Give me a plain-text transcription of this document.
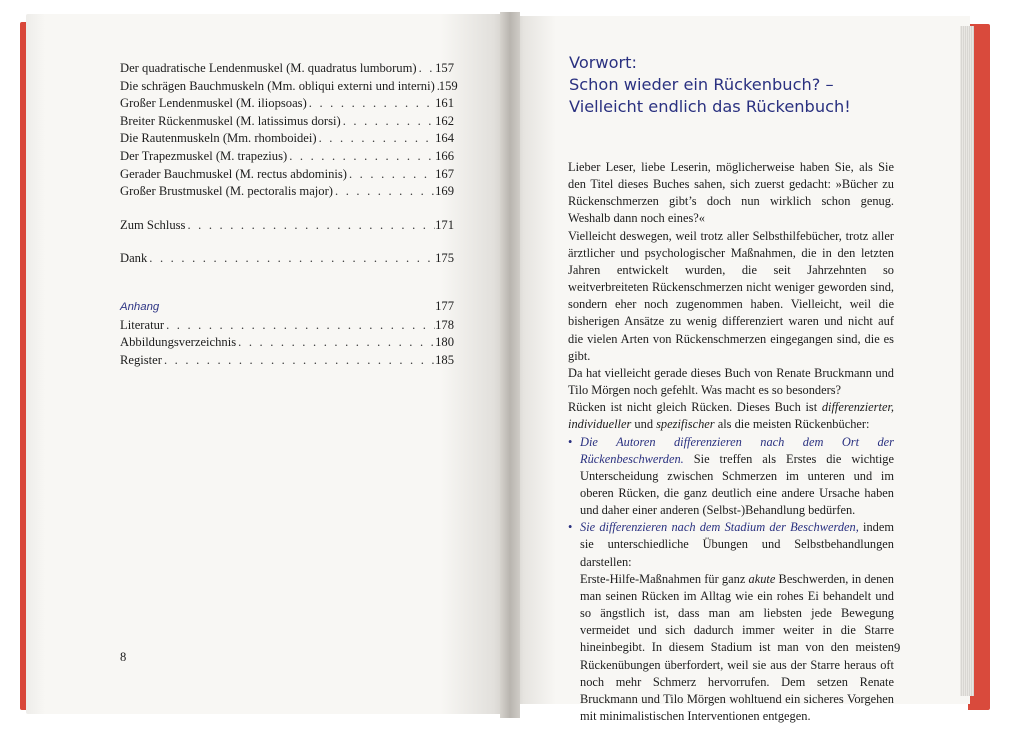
Der quadratische Lendenmuskel (M. quadratus lumborum) . . . 157
Die schrägen Bauchmuskeln (Mm. obliqui externi und interni) . . . 159
Großer Lendenmuskel (M. iliopsoas) . . .	161
Breiter Rückenmuskel (M. latissimus dorsi) . . .	162
Die Rautenmuskeln (Mm. rhomboidei) . . .	164
Der Trapezmuskel (M. trapezius) . . .	166
Gerader Bauchmuskel (M. rectus abdominis) . . .	167
Großer Brustmuskel (M. pectoralis major) . . .	169
Zum Schluss . . .	171
Dank . . .	175
Anhang	177
Literatur . . .	178
Abbildungsverzeichnis . . .	180
Register . . .	185
8
Vorwort:
Schon wieder ein Rückenbuch? –
Vielleicht endlich das Rückenbuch!

Lieber Leser, liebe Leserin, möglicherweise haben Sie, als Sie den Titel dieses Buches sahen, sich zuerst gedacht: »Bücher zu Rückenschmerzen gibt’s doch nun wirklich schon genug. Weshalb dann noch eines?«

Vielleicht deswegen, weil trotz aller Selbsthilfebücher, trotz aller ärztlicher und psychologischer Maßnahmen, die in den letzten Jahren entwickelt wurden, die seit Jahrzehnten so weitverbreiteten Rückenschmerzen nicht weniger geworden sind, sondern eher noch zugenommen haben. Vielleicht, weil die bisherigen Ansätze zu wenig differenziert waren und nicht auf die vielen Arten von Rückenschmerzen eingegangen sind, die es gibt.

Da hat vielleicht gerade dieses Buch von Renate Bruckmann und Tilo Mörgen noch gefehlt. Was macht es so besonders?

Rücken ist nicht gleich Rücken. Dieses Buch ist differenzierter, individueller und spezifischer als die meisten Rückenbücher:

• Die Autoren differenzieren nach dem Ort der Rückenbeschwerden. Sie treffen als Erstes die wichtige Unterscheidung zwischen Schmerzen im unteren und im oberen Rücken, die ganz deutlich eine andere Ursache haben und daher einer anderen (Selbst-)Behandlung bedürfen.
• Sie differenzieren nach dem Stadium der Beschwerden, indem sie unterschiedliche Übungen und Selbstbehandlungen darstellen:
Erste-Hilfe-Maßnahmen für ganz akute Beschwerden, in denen man seinen Rücken im Alltag wie ein rohes Ei behandelt und so ängstlich ist, dass man am liebsten jede Bewegung vermeidet und sich dadurch immer weiter in die Starre hineinbegibt. In diesem Stadium ist man von den meisten Rückenübungen überfordert, weil sie aus der Starre heraus oft noch mehr Schmerz hervorrufen. Dem setzen Renate Bruckmann und Tilo Mörgen wohltuend ein sicheres Vorgehen mit minimalistischen Interventionen entgegen.
9
